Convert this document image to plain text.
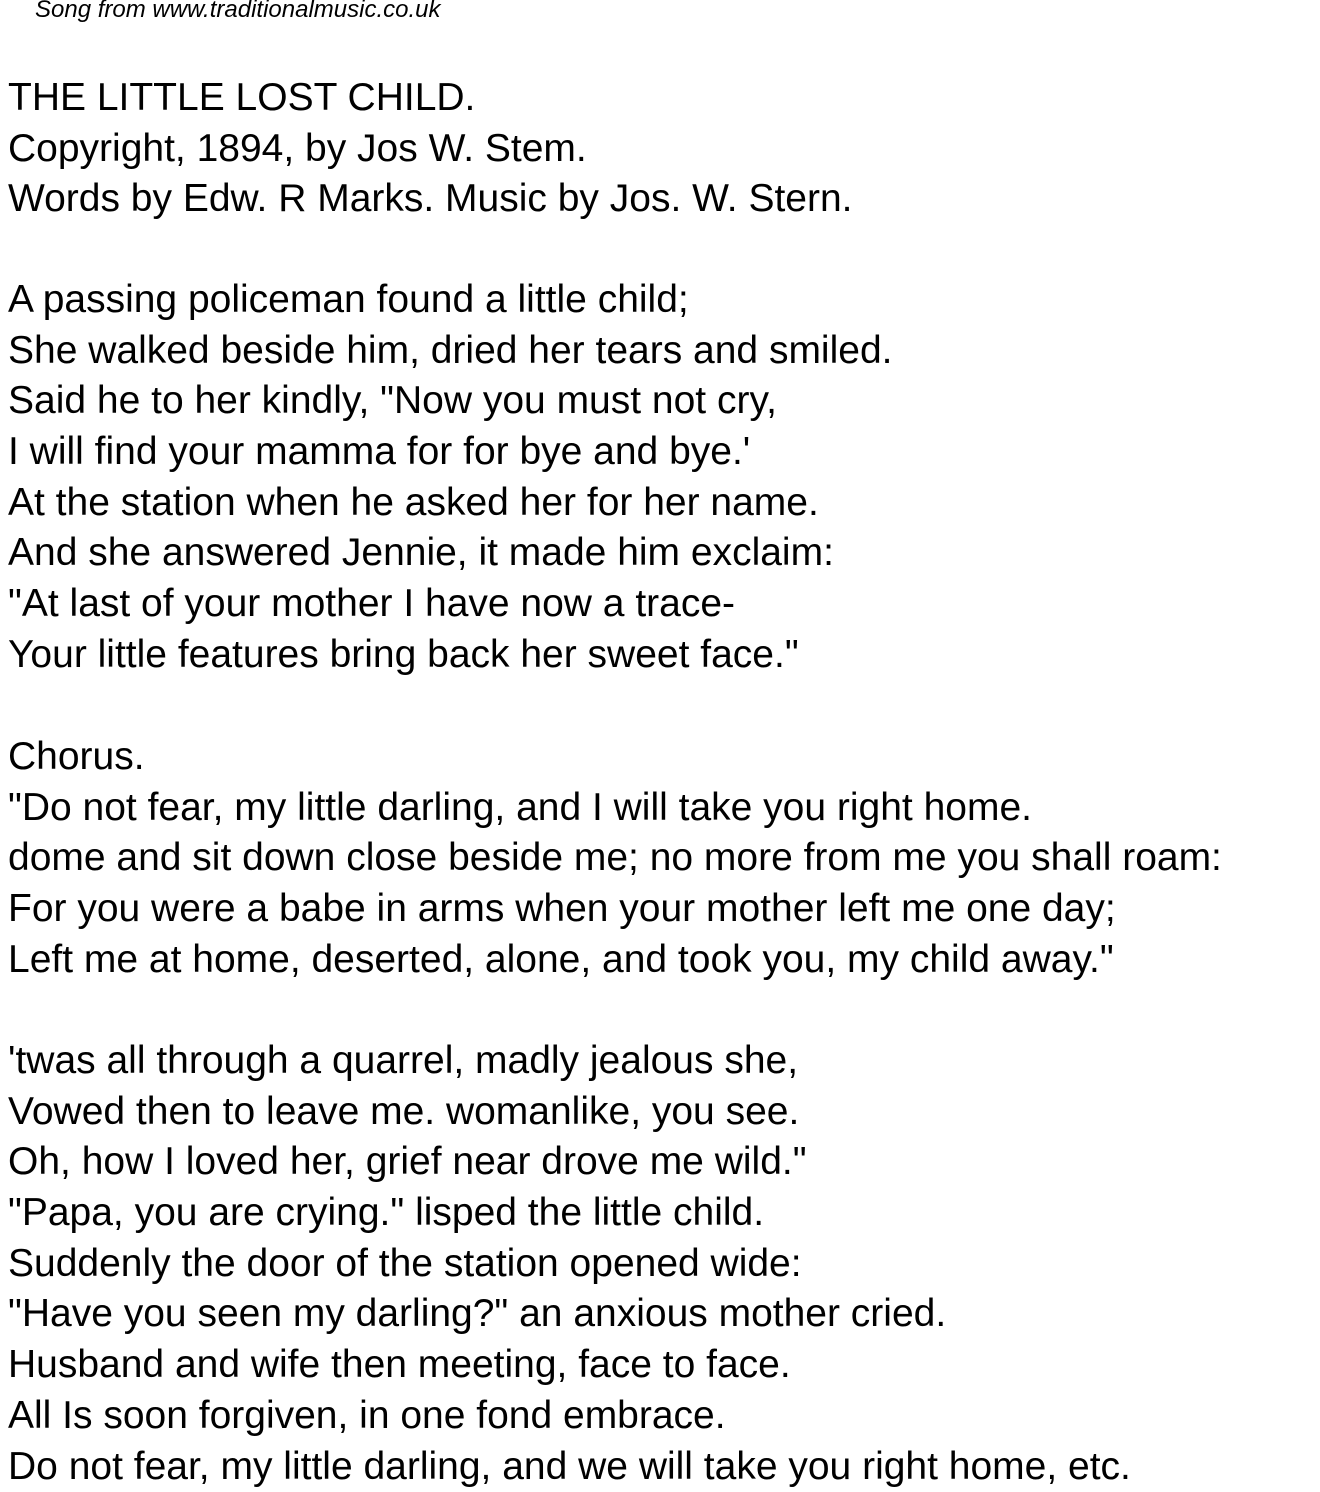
Song from www.traditionalmusic.co.uk
THE LITTLE LOST CHILD.
Copyright, 1894, by Jos W. Stem.
Words by Edw. R Marks. Music by Jos. W. Stern.
A passing policeman found a little child;
She walked beside him, dried her tears and smiled.
Said he to her kindly, "Now you must not cry,
I will find your mamma for for bye and bye.'
At the station when he asked her for her name.
And she answered Jennie, it made him exclaim:
"At last of your mother I have now a trace-
Your little features bring back her sweet face."
Chorus.
"Do not fear, my little darling, and I will take you right home.
dome and sit down close beside me; no more from me you shall roam:
For you were a babe in arms when your mother left me one day;
Left me at home, deserted, alone, and took you, my child away."
'twas all through a quarrel, madly jealous she,
Vowed then to leave me. womanlike, you see.
Oh, how I loved her, grief near drove me wild."
"Papa, you are crying." lisped the little child.
Suddenly the door of the station opened wide:
"Have you seen my darling?" an anxious mother cried.
Husband and wife then meeting, face to face.
All Is soon forgiven, in one fond embrace.
Do not fear, my little darling, and we will take you right home, etc.
